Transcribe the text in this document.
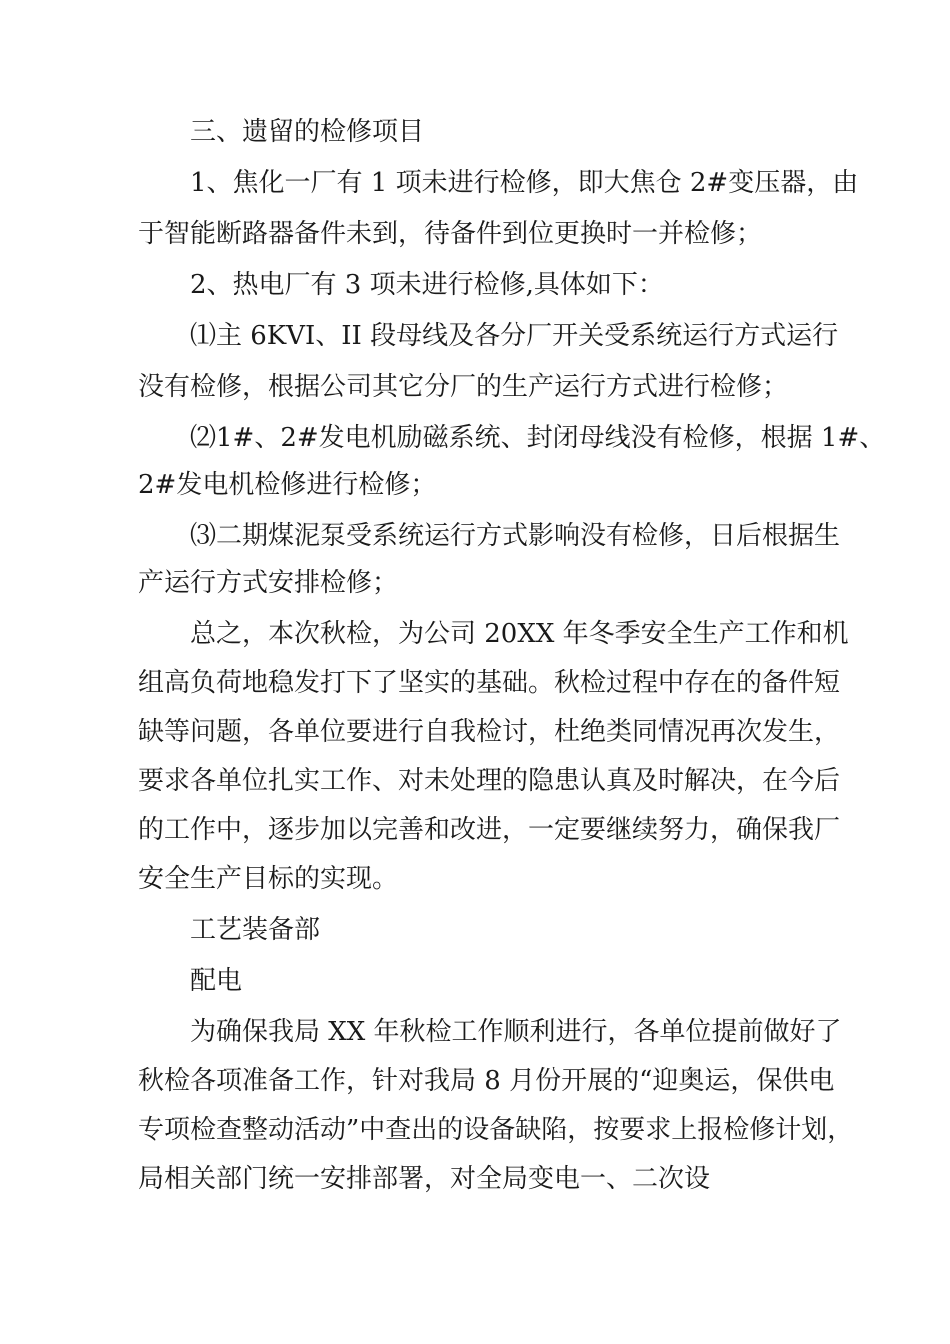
三、遗留的检修项目
1、焦化一厂有 1 项未进行检修，即大焦仓 2#变压器，由
于智能断路器备件未到，待备件到位更换时一并检修；
2、热电厂有 3 项未进行检修,具体如下：
⑴主 6KVI、II 段母线及各分厂开关受系统运行方式运行
没有检修，根据公司其它分厂的生产运行方式进行检修；
⑵1#、2#发电机励磁系统、封闭母线没有检修，根据 1#、
2#发电机检修进行检修；
⑶二期煤泥泵受系统运行方式影响没有检修，日后根据生
产运行方式安排检修；
总之，本次秋检，为公司 20XX 年冬季安全生产工作和机
组高负荷地稳发打下了坚实的基础。秋检过程中存在的备件短
缺等问题，各单位要进行自我检讨，杜绝类同情况再次发生，
要求各单位扎实工作、对未处理的隐患认真及时解决，在今后
的工作中，逐步加以完善和改进，一定要继续努力，确保我厂
安全生产目标的实现。
工艺装备部
配电
为确保我局 XX 年秋检工作顺利进行，各单位提前做好了
秋检各项准备工作，针对我局 8 月份开展的“迎奥运，保供电
专项检查整动活动”中查出的设备缺陷，按要求上报检修计划，
局相关部门统一安排部署，对全局变电一、二次设
